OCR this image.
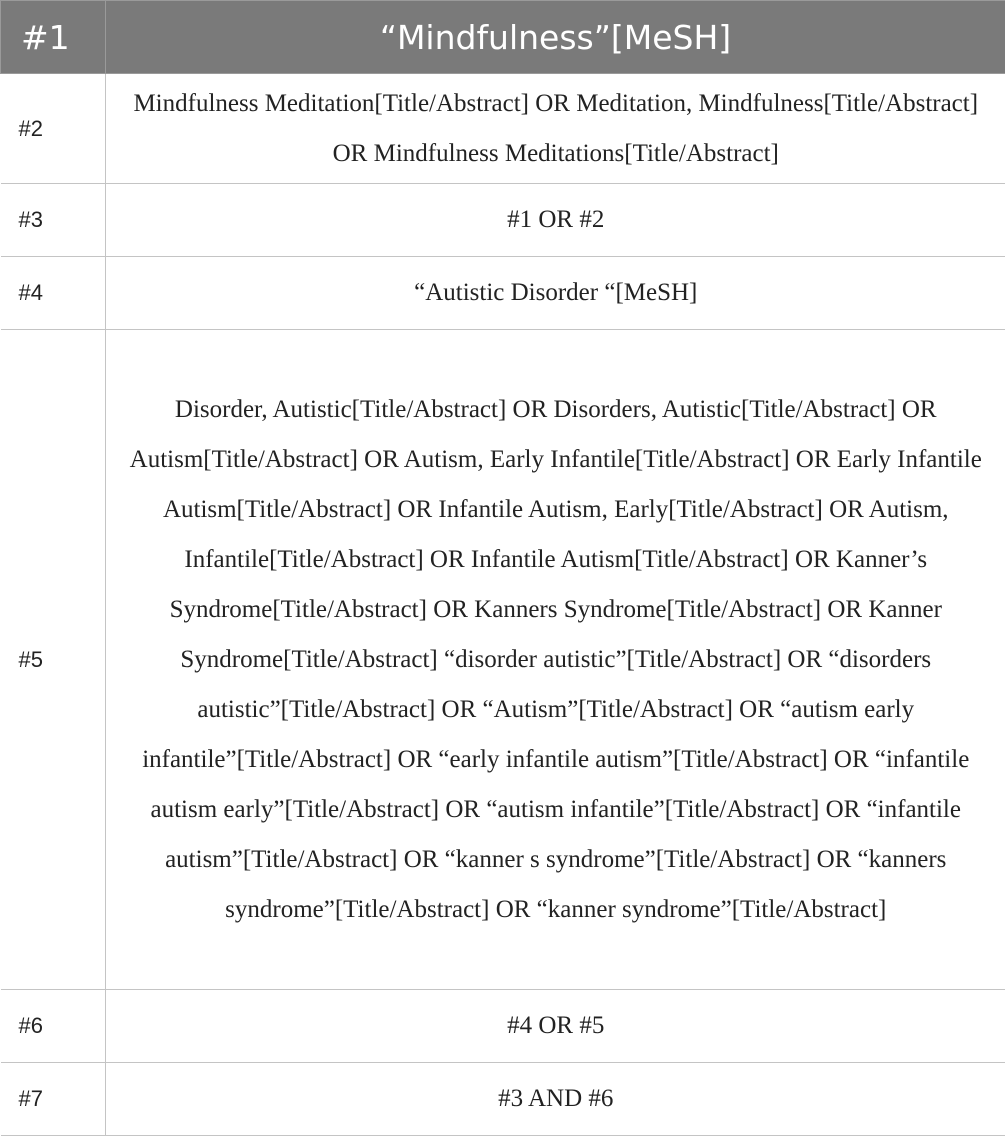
#1	“Mindfulness”[MeSH]
#2	Mindfulness Meditation[Title/Abstract] OR Meditation, Mindfulness[Title/Abstract] OR Mindfulness Meditations[Title/Abstract]
#3	#1 OR #2
#4	“Autistic Disorder “[MeSH]
#5	Disorder, Autistic[Title/Abstract] OR Disorders, Autistic[Title/Abstract] OR Autism[Title/Abstract] OR Autism, Early Infantile[Title/Abstract] OR Early Infantile Autism[Title/Abstract] OR Infantile Autism, Early[Title/Abstract] OR Autism, Infantile[Title/Abstract] OR Infantile Autism[Title/Abstract] OR Kanner’s Syndrome[Title/Abstract] OR Kanners Syndrome[Title/Abstract] OR Kanner Syndrome[Title/Abstract] “disorder autistic”[Title/Abstract] OR “disorders autistic”[Title/Abstract] OR “Autism”[Title/Abstract] OR “autism early infantile”[Title/Abstract] OR “early infantile autism”[Title/Abstract] OR “infantile autism early”[Title/Abstract] OR “autism infantile”[Title/Abstract] OR “infantile autism”[Title/Abstract] OR “kanner s syndrome”[Title/Abstract] OR “kanners syndrome”[Title/Abstract] OR “kanner syndrome”[Title/Abstract]
#6	#4 OR #5
#7	#3 AND #6
